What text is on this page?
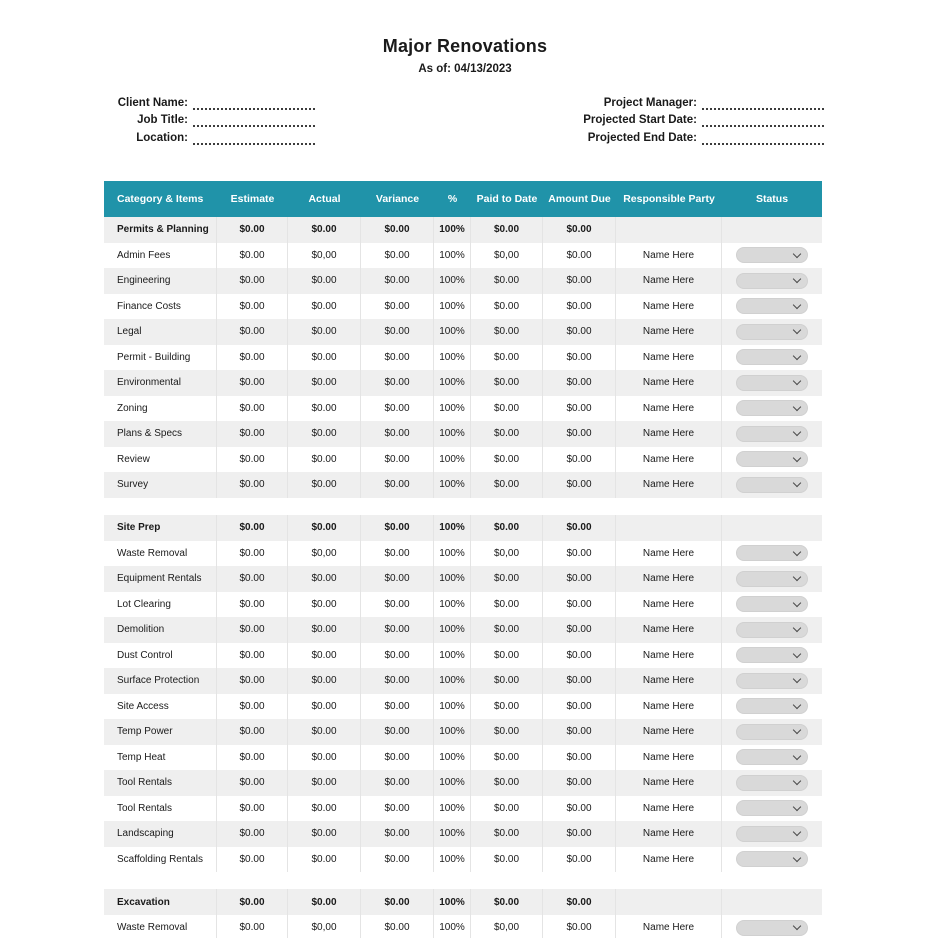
Major Renovations
As of: 04/13/2023
Client Name:
Job Title:
Location:
Project Manager:
Projected Start Date:
Projected End Date:
Category & Items	Estimate	Actual	Variance	%	Paid to Date	Amount Due	Responsible Party	Status
Permits & Planning	$0.00	$0.00	$0.00	100%	$0.00	$0.00
Admin Fees	$0.00	$0,00	$0.00	100%	$0,00	$0.00	Name Here
Engineering	$0.00	$0.00	$0.00	100%	$0.00	$0.00	Name Here
Finance Costs	$0.00	$0.00	$0.00	100%	$0.00	$0.00	Name Here
Legal	$0.00	$0.00	$0.00	100%	$0.00	$0.00	Name Here
Permit - Building	$0.00	$0.00	$0.00	100%	$0.00	$0.00	Name Here
Environmental	$0.00	$0.00	$0.00	100%	$0.00	$0.00	Name Here
Zoning	$0.00	$0.00	$0.00	100%	$0.00	$0.00	Name Here
Plans & Specs	$0.00	$0.00	$0.00	100%	$0.00	$0.00	Name Here
Review	$0.00	$0.00	$0.00	100%	$0.00	$0.00	Name Here
Survey	$0.00	$0.00	$0.00	100%	$0.00	$0.00	Name Here
Site Prep	$0.00	$0.00	$0.00	100%	$0.00	$0.00
Waste Removal	$0.00	$0,00	$0.00	100%	$0,00	$0.00	Name Here
Equipment Rentals	$0.00	$0.00	$0.00	100%	$0.00	$0.00	Name Here
Lot Clearing	$0.00	$0.00	$0.00	100%	$0.00	$0.00	Name Here
Demolition	$0.00	$0.00	$0.00	100%	$0.00	$0.00	Name Here
Dust Control	$0.00	$0.00	$0.00	100%	$0.00	$0.00	Name Here
Surface Protection	$0.00	$0.00	$0.00	100%	$0.00	$0.00	Name Here
Site Access	$0.00	$0.00	$0.00	100%	$0.00	$0.00	Name Here
Temp Power	$0.00	$0.00	$0.00	100%	$0.00	$0.00	Name Here
Temp Heat	$0.00	$0.00	$0.00	100%	$0.00	$0.00	Name Here
Tool Rentals	$0.00	$0.00	$0.00	100%	$0.00	$0.00	Name Here
Tool Rentals	$0.00	$0.00	$0.00	100%	$0.00	$0.00	Name Here
Landscaping	$0.00	$0.00	$0.00	100%	$0.00	$0.00	Name Here
Scaffolding Rentals	$0.00	$0.00	$0.00	100%	$0.00	$0.00	Name Here
Excavation	$0.00	$0.00	$0.00	100%	$0.00	$0.00
Waste Removal	$0.00	$0,00	$0.00	100%	$0,00	$0.00	Name Here
